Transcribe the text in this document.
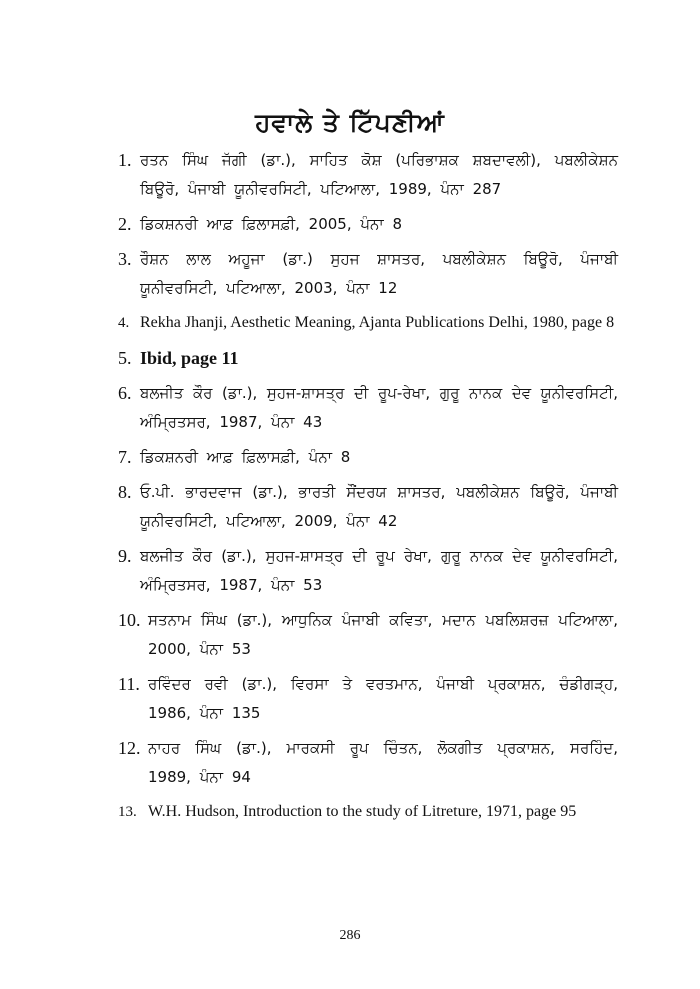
ਹਵਾਲੇ ਤੇ ਟਿੱਪਣੀਆਂ
1. ਰਤਨ ਸਿੰਘ ਜੱਗੀ (ਡਾ.), ਸਾਹਿਤ ਕੋਸ਼ (ਪਰਿਭਾਸ਼ਕ ਸ਼ਬਦਾਵਲੀ), ਪਬਲੀਕੇਸ਼ਨ ਬਿਊਰੋ, ਪੰਜਾਬੀ ਯੂਨੀਵਰਸਿਟੀ, ਪਟਿਆਲਾ, 1989, ਪੰਨਾ 287
2. ਡਿਕਸ਼ਨਰੀ ਆਫ਼ ਫ਼ਿਲਾਸਫ਼ੀ, 2005, ਪੰਨਾ 8
3. ਰੌਸ਼ਨ ਲਾਲ ਅਹੂਜਾ (ਡਾ.) ਸੁਹਜ ਸ਼ਾਸਤਰ, ਪਬਲੀਕੇਸ਼ਨ ਬਿਊਰੋ, ਪੰਜਾਬੀ ਯੂਨੀਵਰਸਿਟੀ, ਪਟਿਆਲਾ, 2003, ਪੰਨਾ 12
4. Rekha Jhanji, Aesthetic Meaning, Ajanta Publications Delhi, 1980, page 8
5. Ibid, page 11
6. ਬਲਜੀਤ ਕੌਰ (ਡਾ.), ਸੁਹਜ-ਸ਼ਾਸਤ੍ਰ ਦੀ ਰੂਪ-ਰੇਖਾ, ਗੁਰੂ ਨਾਨਕ ਦੇਵ ਯੂਨੀਵਰਸਿਟੀ, ਅੰਮ੍ਰਿਤਸਰ, 1987, ਪੰਨਾ 43
7. ਡਿਕਸ਼ਨਰੀ ਆਫ਼ ਫ਼ਿਲਾਸਫ਼ੀ, ਪੰਨਾ 8
8. ਓ.ਪੀ. ਭਾਰਦਵਾਜ (ਡਾ.), ਭਾਰਤੀ ਸੌਂਦਰਯ ਸ਼ਾਸਤਰ, ਪਬਲੀਕੇਸ਼ਨ ਬਿਊਰੋ, ਪੰਜਾਬੀ ਯੂਨੀਵਰਸਿਟੀ, ਪਟਿਆਲਾ, 2009, ਪੰਨਾ 42
9. ਬਲਜੀਤ ਕੌਰ (ਡਾ.), ਸੁਹਜ-ਸ਼ਾਸਤ੍ਰ ਦੀ ਰੂਪ ਰੇਖਾ, ਗੁਰੂ ਨਾਨਕ ਦੇਵ ਯੂਨੀਵਰਸਿਟੀ, ਅੰਮ੍ਰਿਤਸਰ, 1987, ਪੰਨਾ 53
10. ਸਤਨਾਮ ਸਿੰਘ (ਡਾ.), ਆਧੁਨਿਕ ਪੰਜਾਬੀ ਕਵਿਤਾ, ਮਦਾਨ ਪਬਲਿਸ਼ਰਜ਼ ਪਟਿਆਲਾ, 2000, ਪੰਨਾ 53
11. ਰਵਿੰਦਰ ਰਵੀ (ਡਾ.), ਵਿਰਸਾ ਤੇ ਵਰਤਮਾਨ, ਪੰਜਾਬੀ ਪ੍ਰਕਾਸ਼ਨ, ਚੰਡੀਗੜ੍ਹ, 1986, ਪੰਨਾ 135
12. ਨਾਹਰ ਸਿੰਘ (ਡਾ.), ਮਾਰਕਸੀ ਰੂਪ ਚਿੰਤਨ, ਲੋਕਗੀਤ ਪ੍ਰਕਾਸ਼ਨ, ਸਰਹਿੰਦ, 1989, ਪੰਨਾ 94
13. W.H. Hudson, Introduction to the study of Litreture, 1971, page 95
286
